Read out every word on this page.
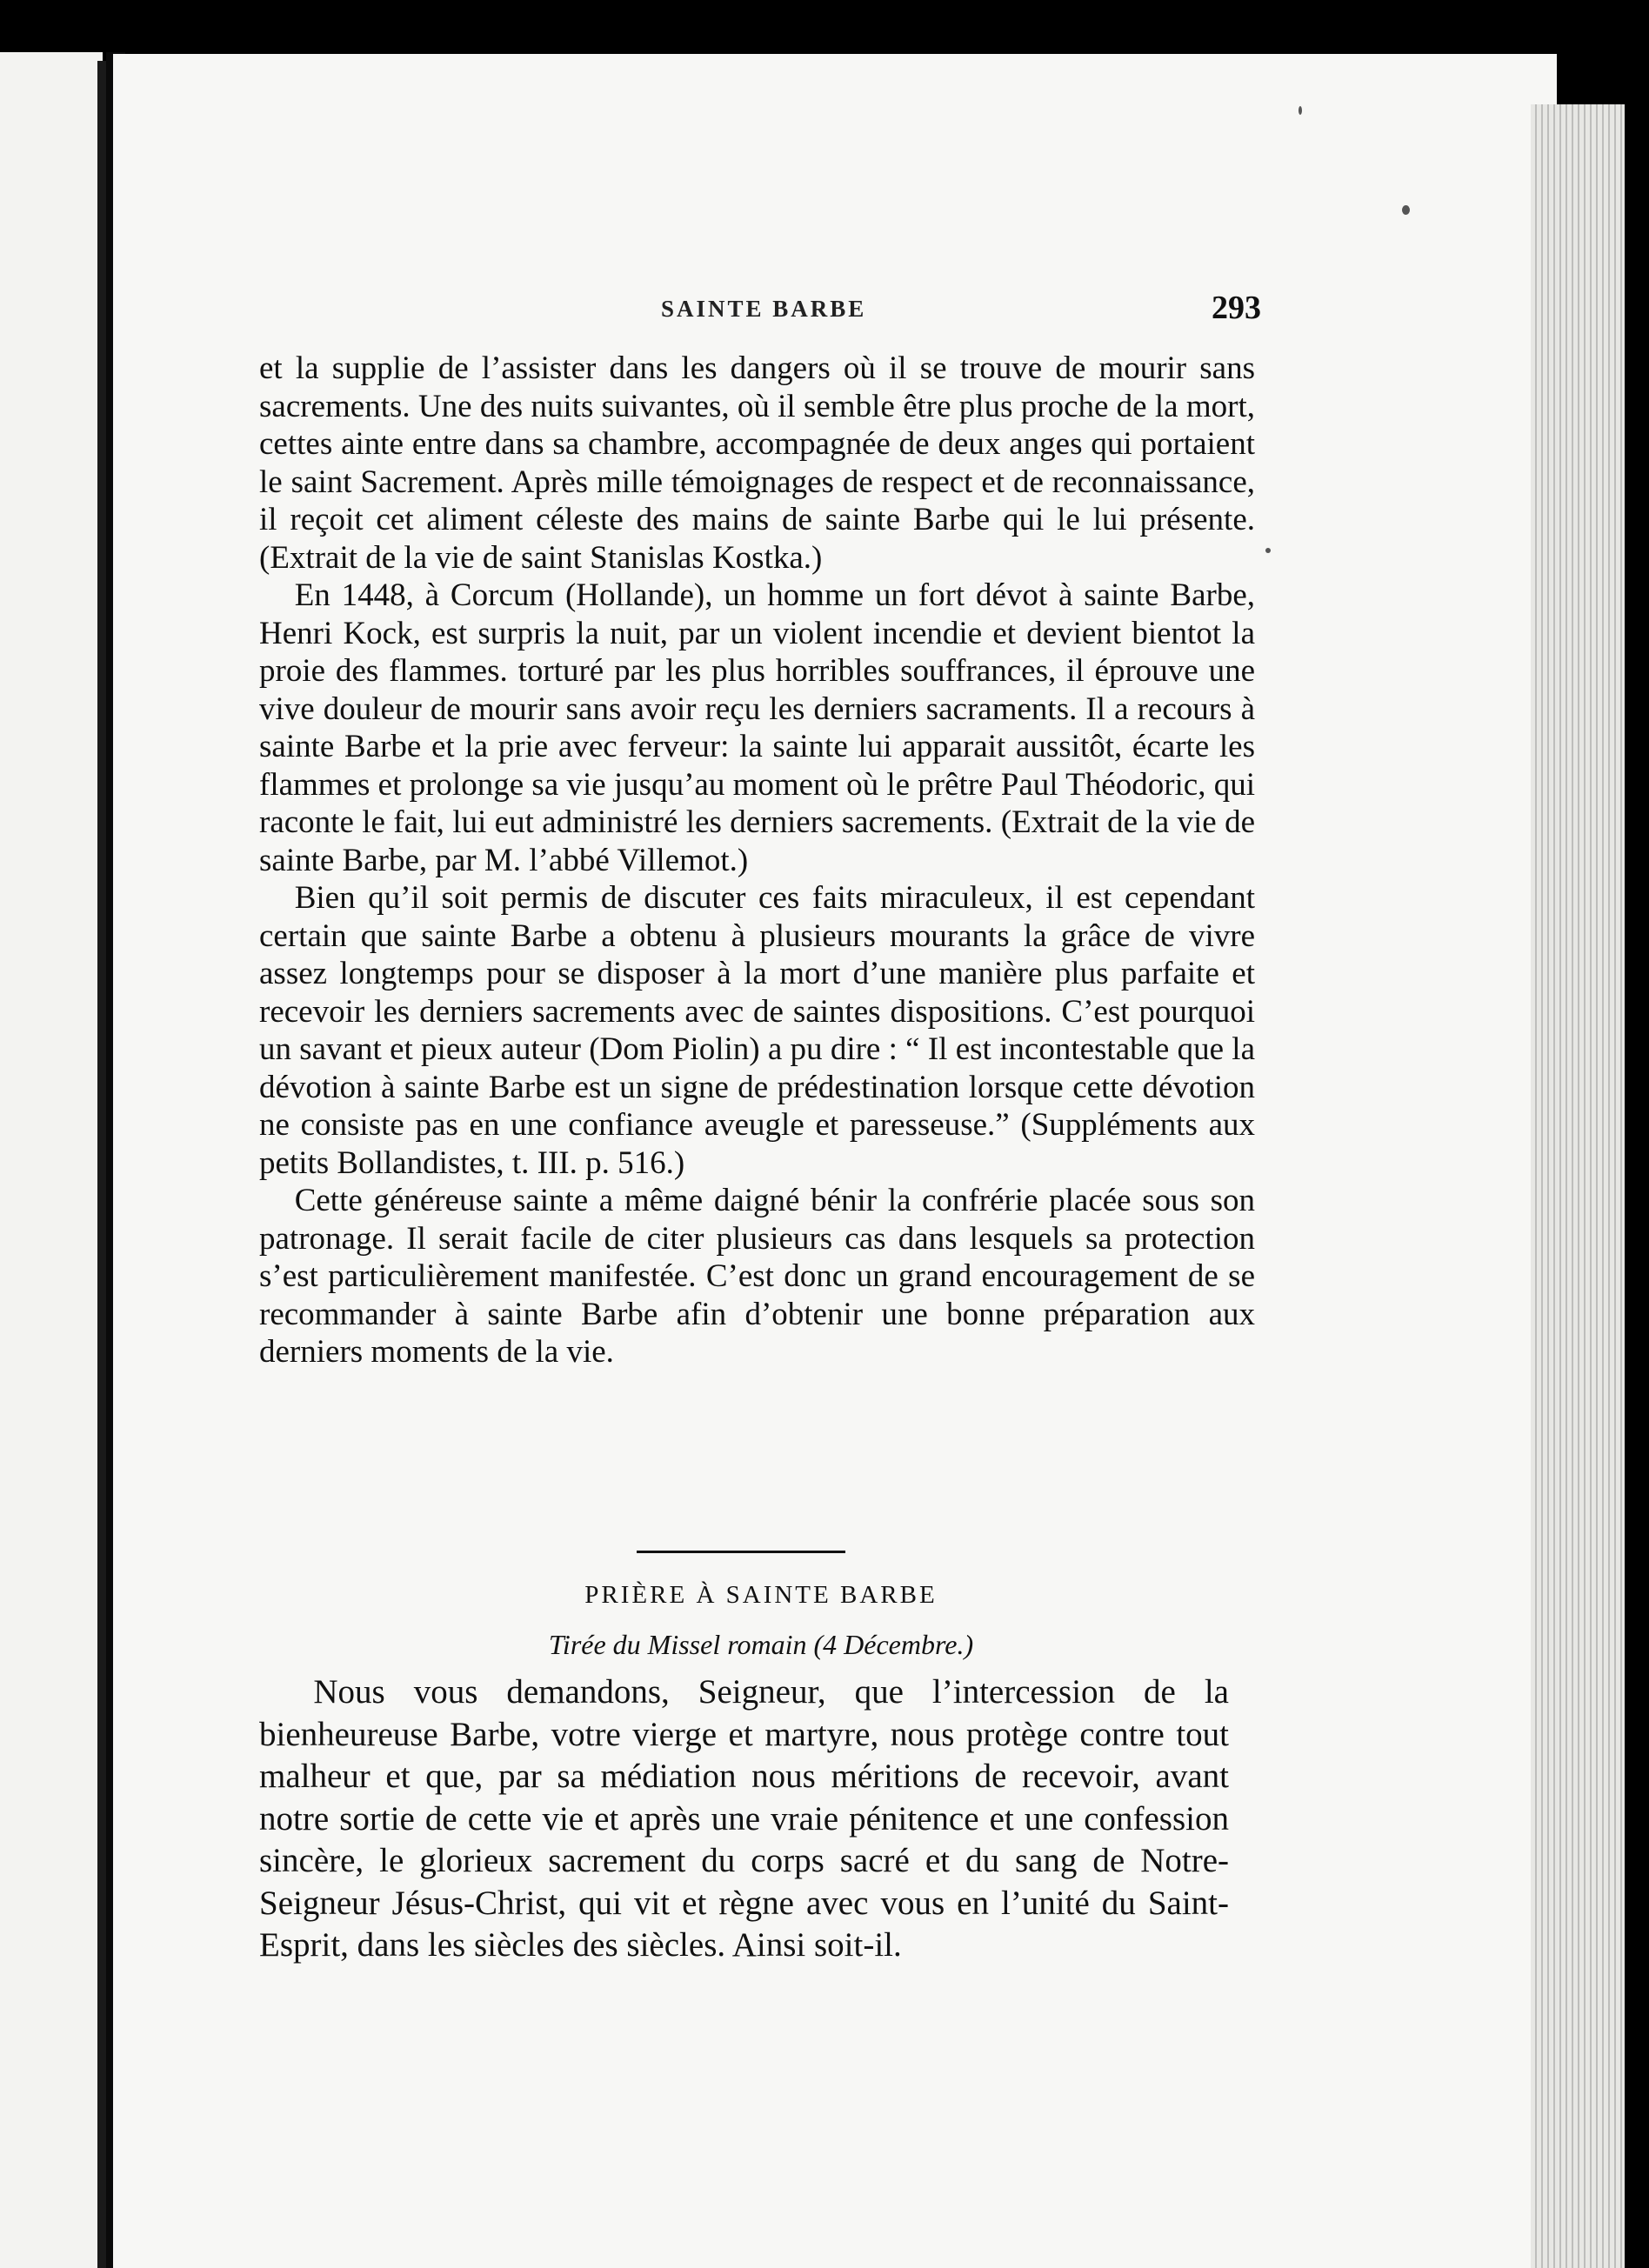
SAINTE BARBE	293

et la supplie de l’assister dans les dangers où il se trouve de mourir sans sacrements. Une des nuits suivantes, où il semble être plus proche de la mort, cettes ainte entre dans sa chambre, accompagnée de deux anges qui portaient le saint Sacrement. Après mille témoignages de respect et de reconnaissance, il reçoit cet aliment céleste des mains de sainte Barbe qui le lui présente. (Extrait de la vie de saint Stanislas Kostka.)

En 1448, à Corcum (Hollande), un homme un fort dévot à sainte Barbe, Henri Kock, est surpris la nuit, par un violent incendie et devient bientot la proie des flammes. torturé par les plus horribles souffrances, il éprouve une vive douleur de mourir sans avoir reçu les derniers sacraments. Il a recours à sainte Barbe et la prie avec ferveur: la sainte lui apparait aussitôt, écarte les flammes et prolonge sa vie jusqu’au moment où le prêtre Paul Théodoric, qui raconte le fait, lui eut administré les derniers sacrements. (Extrait de la vie de sainte Barbe, par M. l’abbé Villemot.)

Bien qu’il soit permis de discuter ces faits miraculeux, il est cependant certain que sainte Barbe a obtenu à plusieurs mourants la grâce de vivre assez longtemps pour se disposer à la mort d’une manière plus parfaite et recevoir les derniers sacrements avec de saintes dispositions. C’est pourquoi un savant et pieux auteur (Dom Piolin) a pu dire : “ Il est incontestable que la dévotion à sainte Barbe est un signe de prédestination lorsque cette dévotion ne consiste pas en une confiance aveugle et paresseuse.” (Suppléments aux petits Bollandistes, t. III. p. 516.)

Cette généreuse sainte a même daigné bénir la confrérie placée sous son patronage. Il serait facile de citer plusieurs cas dans lesquels sa protection s’est particulièrement manifestée. C’est donc un grand encouragement de se recommander à sainte Barbe afin d’obtenir une bonne préparation aux derniers moments de la vie.

PRIÈRE À SAINTE BARBE
Tirée du Missel romain (4 Décembre.)

Nous vous demandons, Seigneur, que l’intercession de la bienheureuse Barbe, votre vierge et martyre, nous protège contre tout malheur et que, par sa médiation nous méritions de recevoir, avant notre sortie de cette vie et après une vraie pénitence et une confession sincère, le glorieux sacrement du corps sacré et du sang de Notre-Seigneur Jésus-Christ, qui vit et règne avec vous en l’unité du Saint-Esprit, dans les siècles des siècles. Ainsi soit-il.
